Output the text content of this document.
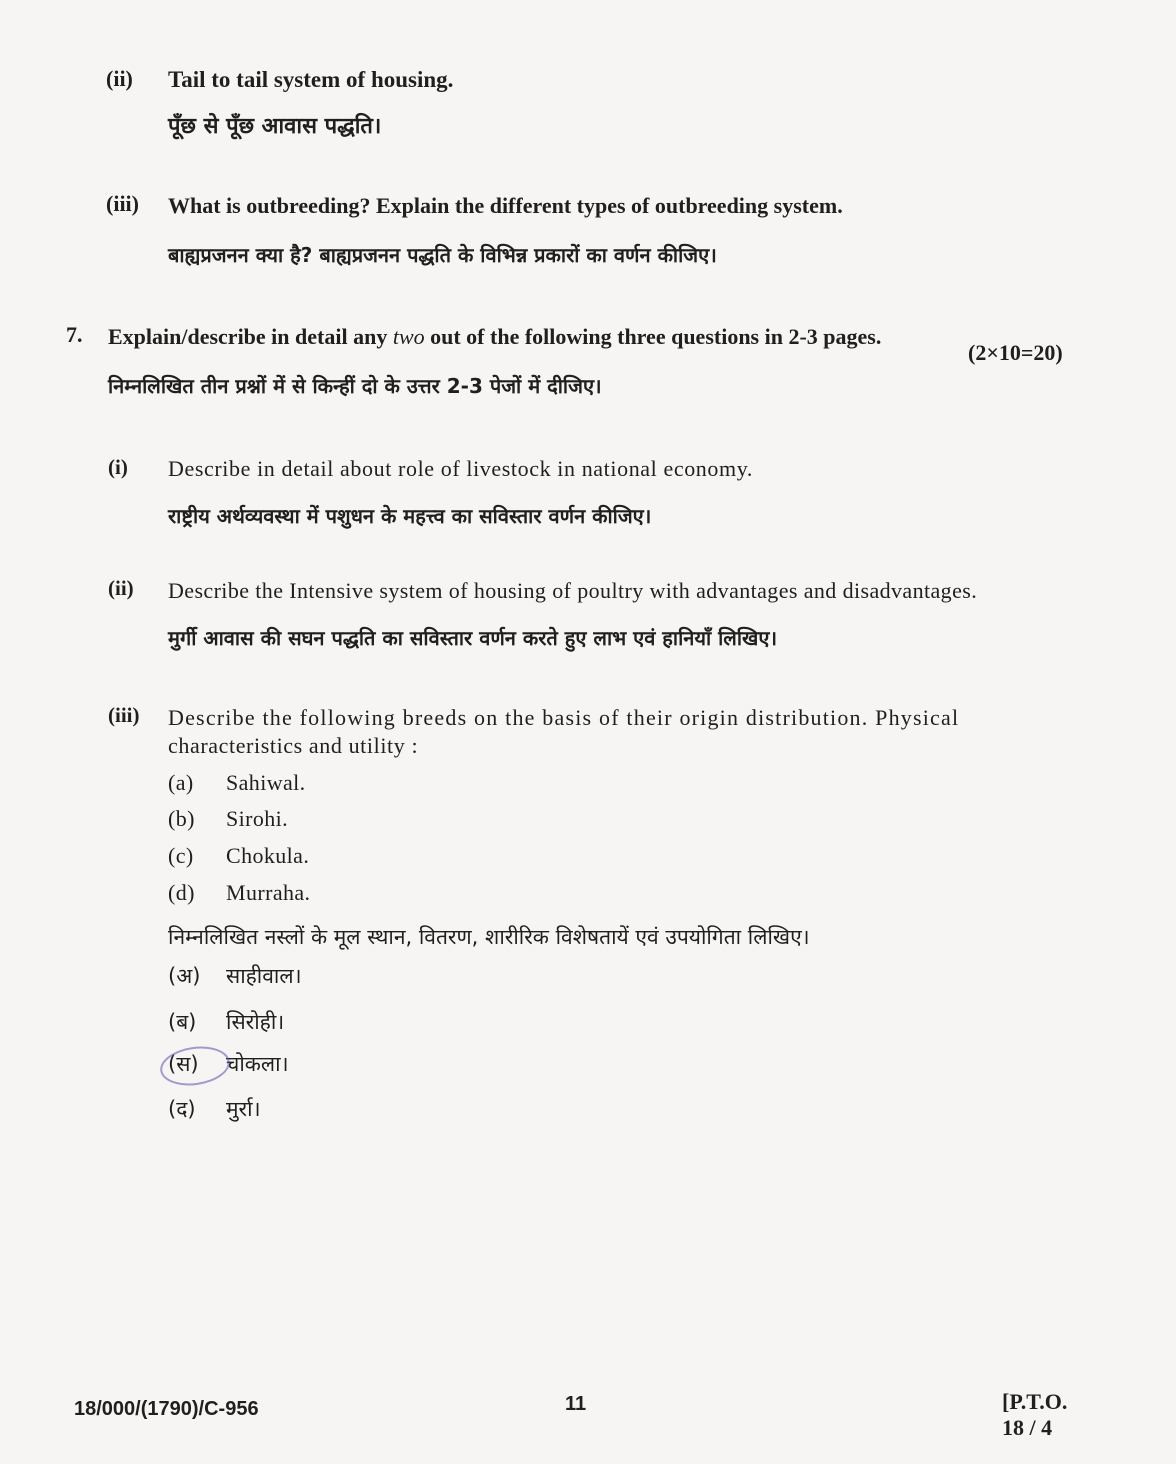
(ii) Tail to tail system of housing.
पूँछ से पूँछ आवास पद्धति।
(iii) What is outbreeding? Explain the different types of outbreeding system.
बाह्यप्रजनन क्या है? बाह्यप्रजनन पद्धति के विभिन्न प्रकारों का वर्णन कीजिए।
7. Explain/describe in detail any two out of the following three questions in 2-3 pages.
(2×10=20)
निम्नलिखित तीन प्रश्नों में से किन्हीं दो के उत्तर 2-3 पेजों में दीजिए।
(i) Describe in detail about role of livestock in national economy.
राष्ट्रीय अर्थव्यवस्था में पशुधन के महत्त्व का सविस्तार वर्णन कीजिए।
(ii) Describe the Intensive system of housing of poultry with advantages and disadvantages.
मुर्गी आवास की सघन पद्धति का सविस्तार वर्णन करते हुए लाभ एवं हानियाँ लिखिए।
(iii) Describe the following breeds on the basis of their origin distribution. Physical
characteristics and utility :
(a) Sahiwal.
(b) Sirohi.
(c) Chokula.
(d) Murraha.
निम्नलिखित नस्लों के मूल स्थान, वितरण, शारीरिक विशेषतायें एवं उपयोगिता लिखिए।
(अ) साहीवाल।
(ब) सिरोही।
(स) चोकला।
(द) मुर्रा।
18/000/(1790)/C-956	11	[P.T.O.
18 / 4
